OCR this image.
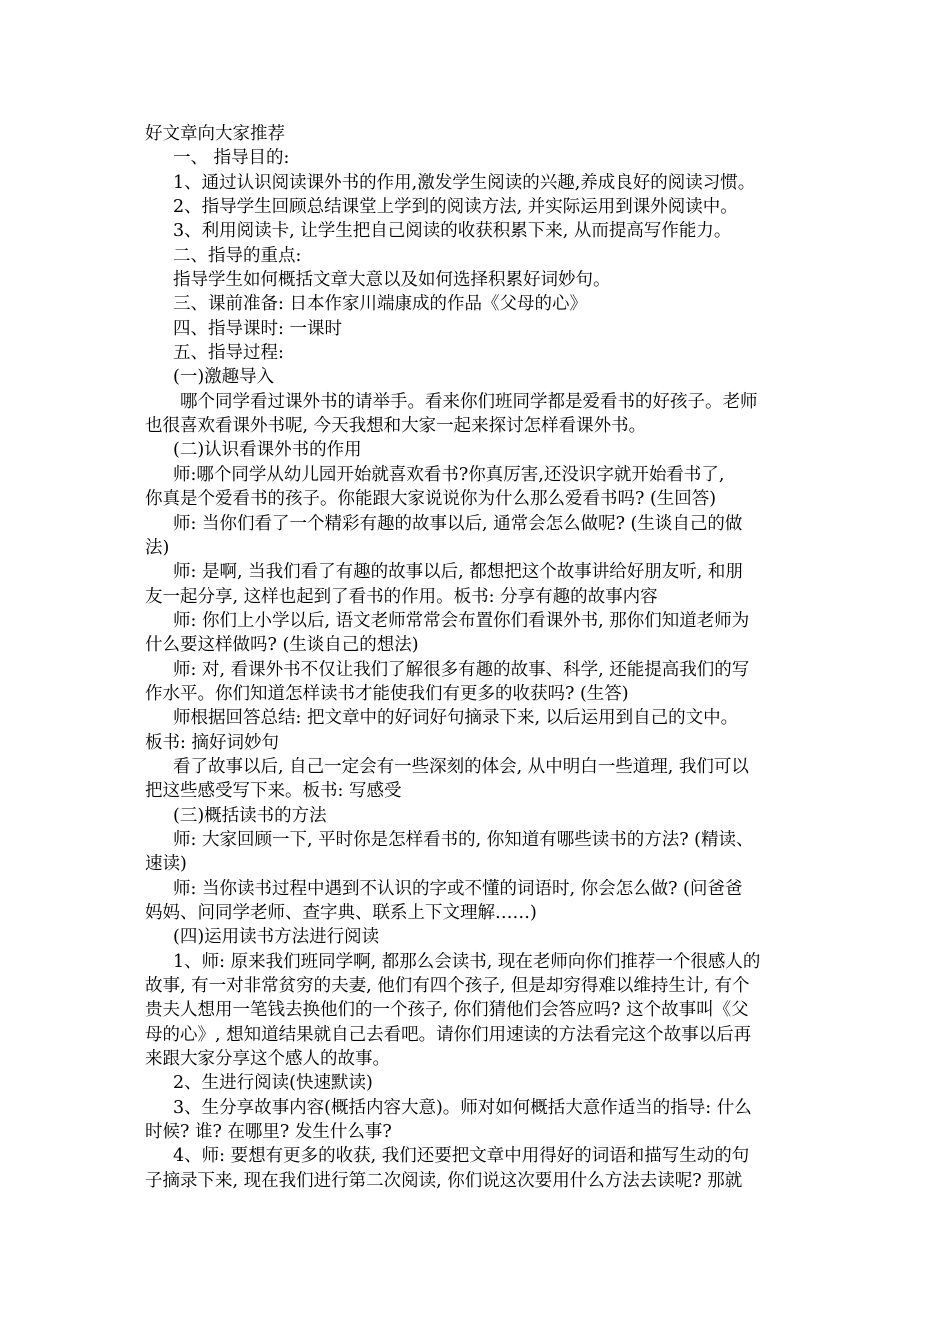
好文章向大家推荐

一、 指导目的:

1、通过认识阅读课外书的作用,激发学生阅读的兴趣,养成良好的阅读习惯。

2、指导学生回顾总结课堂上学到的阅读方法, 并实际运用到课外阅读中。

3、利用阅读卡, 让学生把自己阅读的收获积累下来, 从而提高写作能力。

二、指导的重点:

指导学生如何概括文章大意以及如何选择积累好词妙句。

三、课前准备: 日本作家川端康成的作品《父母的心》

四、指导课时: 一课时

五、指导过程:

(一)激趣导入

哪个同学看过课外书的请举手。看来你们班同学都是爱看书的好孩子。老师

也很喜欢看课外书呢, 今天我想和大家一起来探讨怎样看课外书。

(二)认识看课外书的作用

师:哪个同学从幼儿园开始就喜欢看书?你真厉害,还没识字就开始看书了,

你真是个爱看书的孩子。你能跟大家说说你为什么那么爱看书吗? (生回答)

师: 当你们看了一个精彩有趣的故事以后, 通常会怎么做呢? (生谈自己的做

法)

师: 是啊, 当我们看了有趣的故事以后, 都想把这个故事讲给好朋友听, 和朋

友一起分享, 这样也起到了看书的作用。板书: 分享有趣的故事内容

师: 你们上小学以后, 语文老师常常会布置你们看课外书, 那你们知道老师为

什么要这样做吗? (生谈自己的想法)

师: 对, 看课外书不仅让我们了解很多有趣的故事、科学, 还能提高我们的写

作水平。你们知道怎样读书才能使我们有更多的收获吗? (生答)

师根据回答总结: 把文章中的好词好句摘录下来, 以后运用到自己的文中。

板书: 摘好词妙句

看了故事以后, 自己一定会有一些深刻的体会, 从中明白一些道理, 我们可以

把这些感受写下来。板书: 写感受

(三)概括读书的方法

师: 大家回顾一下, 平时你是怎样看书的, 你知道有哪些读书的方法? (精读、

速读)

师: 当你读书过程中遇到不认识的字或不懂的词语时, 你会怎么做? (问爸爸

妈妈、问同学老师、查字典、联系上下文理解……)

(四)运用读书方法进行阅读

1、师: 原来我们班同学啊, 都那么会读书, 现在老师向你们推荐一个很感人的

故事, 有一对非常贫穷的夫妻, 他们有四个孩子, 但是却穷得难以维持生计, 有个

贵夫人想用一笔钱去换他们的一个孩子, 你们猜他们会答应吗? 这个故事叫《父

母的心》, 想知道结果就自己去看吧。请你们用速读的方法看完这个故事以后再

来跟大家分享这个感人的故事。

2、生进行阅读(快速默读)

3、生分享故事内容(概括内容大意)。师对如何概括大意作适当的指导: 什么

时候? 谁? 在哪里? 发生什么事?

4、师: 要想有更多的收获, 我们还要把文章中用得好的词语和描写生动的句

子摘录下来, 现在我们进行第二次阅读, 你们说这次要用什么方法去读呢? 那就
